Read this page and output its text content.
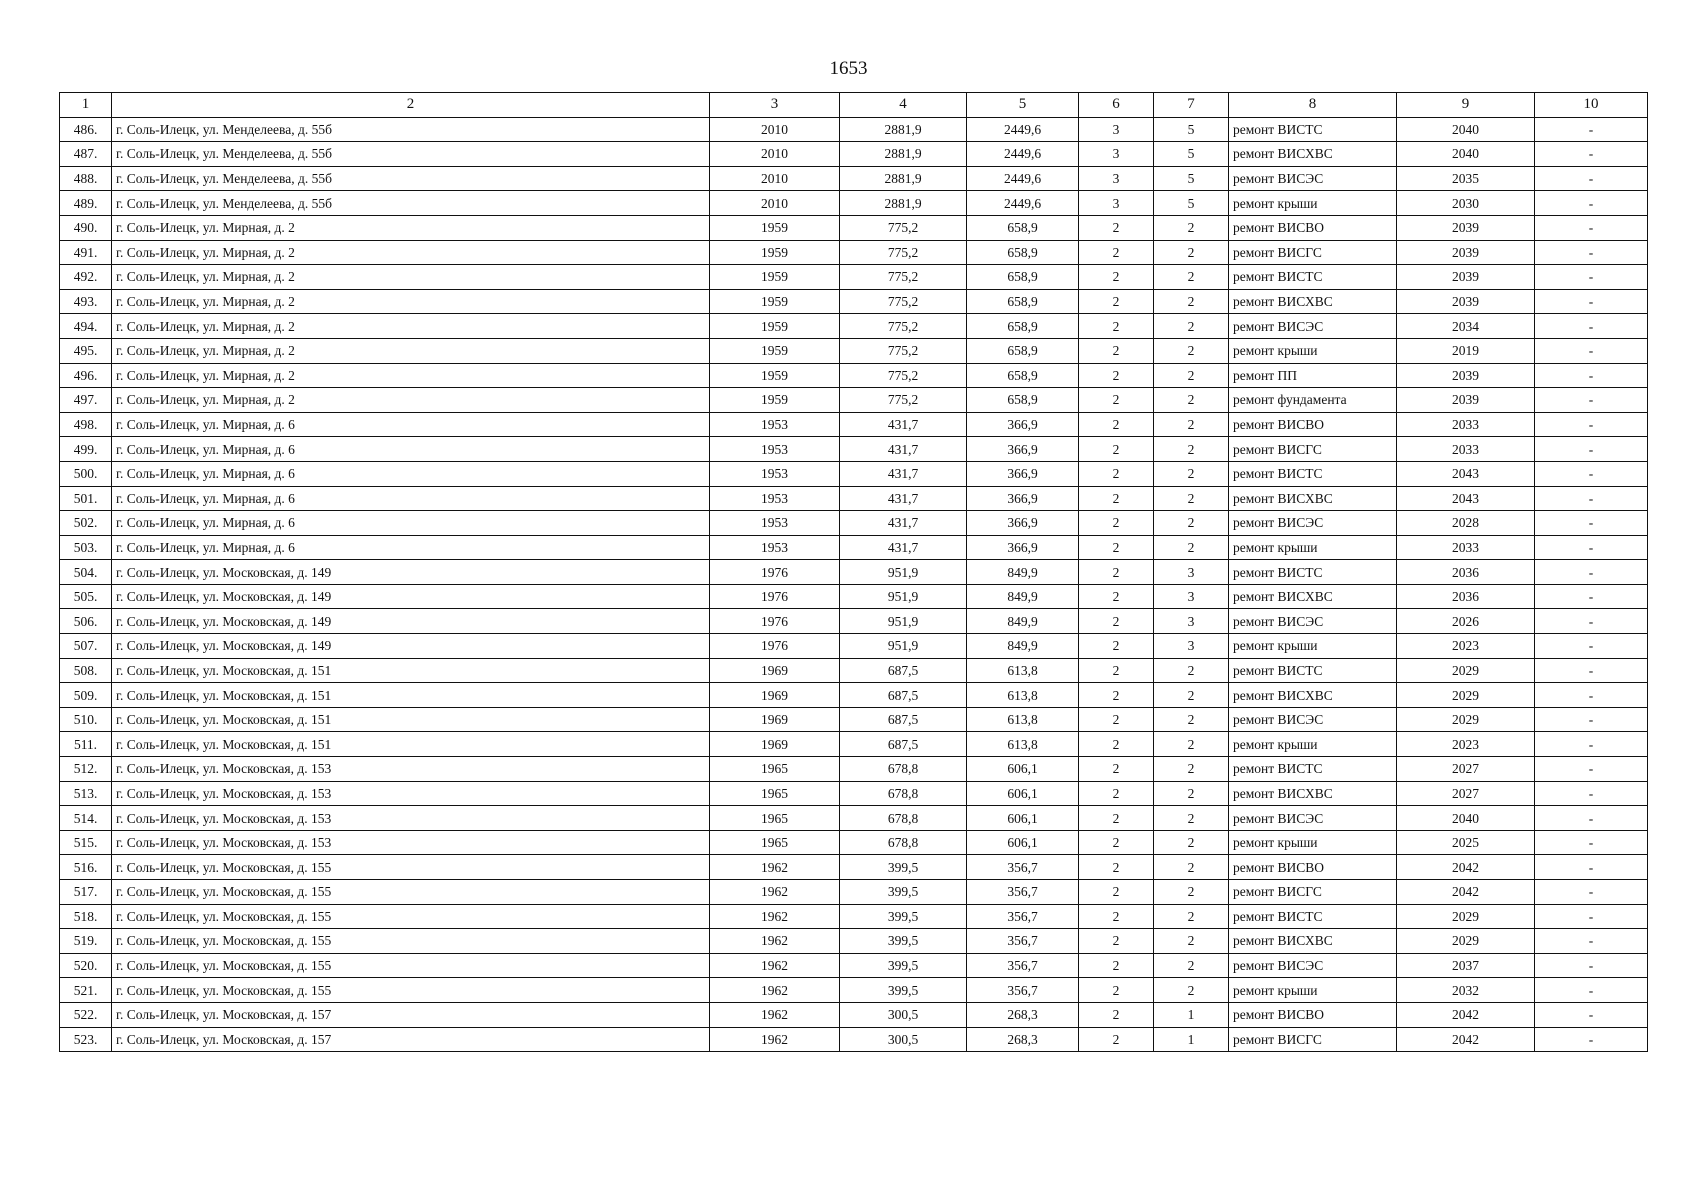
1653
1	2	3	4	5	6	7	8	9	10
486.	г. Соль-Илецк, ул. Менделеева, д. 55б	2010	2881,9	2449,6	3	5	ремонт ВИСТС	2040	-
487.	г. Соль-Илецк, ул. Менделеева, д. 55б	2010	2881,9	2449,6	3	5	ремонт ВИСХВС	2040	-
488.	г. Соль-Илецк, ул. Менделеева, д. 55б	2010	2881,9	2449,6	3	5	ремонт ВИСЭС	2035	-
489.	г. Соль-Илецк, ул. Менделеева, д. 55б	2010	2881,9	2449,6	3	5	ремонт крыши	2030	-
490.	г. Соль-Илецк, ул. Мирная, д. 2	1959	775,2	658,9	2	2	ремонт ВИСВО	2039	-
491.	г. Соль-Илецк, ул. Мирная, д. 2	1959	775,2	658,9	2	2	ремонт ВИСГС	2039	-
492.	г. Соль-Илецк, ул. Мирная, д. 2	1959	775,2	658,9	2	2	ремонт ВИСТС	2039	-
493.	г. Соль-Илецк, ул. Мирная, д. 2	1959	775,2	658,9	2	2	ремонт ВИСХВС	2039	-
494.	г. Соль-Илецк, ул. Мирная, д. 2	1959	775,2	658,9	2	2	ремонт ВИСЭС	2034	-
495.	г. Соль-Илецк, ул. Мирная, д. 2	1959	775,2	658,9	2	2	ремонт крыши	2019	-
496.	г. Соль-Илецк, ул. Мирная, д. 2	1959	775,2	658,9	2	2	ремонт ПП	2039	-
497.	г. Соль-Илецк, ул. Мирная, д. 2	1959	775,2	658,9	2	2	ремонт фундамента	2039	-
498.	г. Соль-Илецк, ул. Мирная, д. 6	1953	431,7	366,9	2	2	ремонт ВИСВО	2033	-
499.	г. Соль-Илецк, ул. Мирная, д. 6	1953	431,7	366,9	2	2	ремонт ВИСГС	2033	-
500.	г. Соль-Илецк, ул. Мирная, д. 6	1953	431,7	366,9	2	2	ремонт ВИСТС	2043	-
501.	г. Соль-Илецк, ул. Мирная, д. 6	1953	431,7	366,9	2	2	ремонт ВИСХВС	2043	-
502.	г. Соль-Илецк, ул. Мирная, д. 6	1953	431,7	366,9	2	2	ремонт ВИСЭС	2028	-
503.	г. Соль-Илецк, ул. Мирная, д. 6	1953	431,7	366,9	2	2	ремонт крыши	2033	-
504.	г. Соль-Илецк, ул. Московская, д. 149	1976	951,9	849,9	2	3	ремонт ВИСТС	2036	-
505.	г. Соль-Илецк, ул. Московская, д. 149	1976	951,9	849,9	2	3	ремонт ВИСХВС	2036	-
506.	г. Соль-Илецк, ул. Московская, д. 149	1976	951,9	849,9	2	3	ремонт ВИСЭС	2026	-
507.	г. Соль-Илецк, ул. Московская, д. 149	1976	951,9	849,9	2	3	ремонт крыши	2023	-
508.	г. Соль-Илецк, ул. Московская, д. 151	1969	687,5	613,8	2	2	ремонт ВИСТС	2029	-
509.	г. Соль-Илецк, ул. Московская, д. 151	1969	687,5	613,8	2	2	ремонт ВИСХВС	2029	-
510.	г. Соль-Илецк, ул. Московская, д. 151	1969	687,5	613,8	2	2	ремонт ВИСЭС	2029	-
511.	г. Соль-Илецк, ул. Московская, д. 151	1969	687,5	613,8	2	2	ремонт крыши	2023	-
512.	г. Соль-Илецк, ул. Московская, д. 153	1965	678,8	606,1	2	2	ремонт ВИСТС	2027	-
513.	г. Соль-Илецк, ул. Московская, д. 153	1965	678,8	606,1	2	2	ремонт ВИСХВС	2027	-
514.	г. Соль-Илецк, ул. Московская, д. 153	1965	678,8	606,1	2	2	ремонт ВИСЭС	2040	-
515.	г. Соль-Илецк, ул. Московская, д. 153	1965	678,8	606,1	2	2	ремонт крыши	2025	-
516.	г. Соль-Илецк, ул. Московская, д. 155	1962	399,5	356,7	2	2	ремонт ВИСВО	2042	-
517.	г. Соль-Илецк, ул. Московская, д. 155	1962	399,5	356,7	2	2	ремонт ВИСГС	2042	-
518.	г. Соль-Илецк, ул. Московская, д. 155	1962	399,5	356,7	2	2	ремонт ВИСТС	2029	-
519.	г. Соль-Илецк, ул. Московская, д. 155	1962	399,5	356,7	2	2	ремонт ВИСХВС	2029	-
520.	г. Соль-Илецк, ул. Московская, д. 155	1962	399,5	356,7	2	2	ремонт ВИСЭС	2037	-
521.	г. Соль-Илецк, ул. Московская, д. 155	1962	399,5	356,7	2	2	ремонт крыши	2032	-
522.	г. Соль-Илецк, ул. Московская, д. 157	1962	300,5	268,3	2	1	ремонт ВИСВО	2042	-
523.	г. Соль-Илецк, ул. Московская, д. 157	1962	300,5	268,3	2	1	ремонт ВИСГС	2042	-
